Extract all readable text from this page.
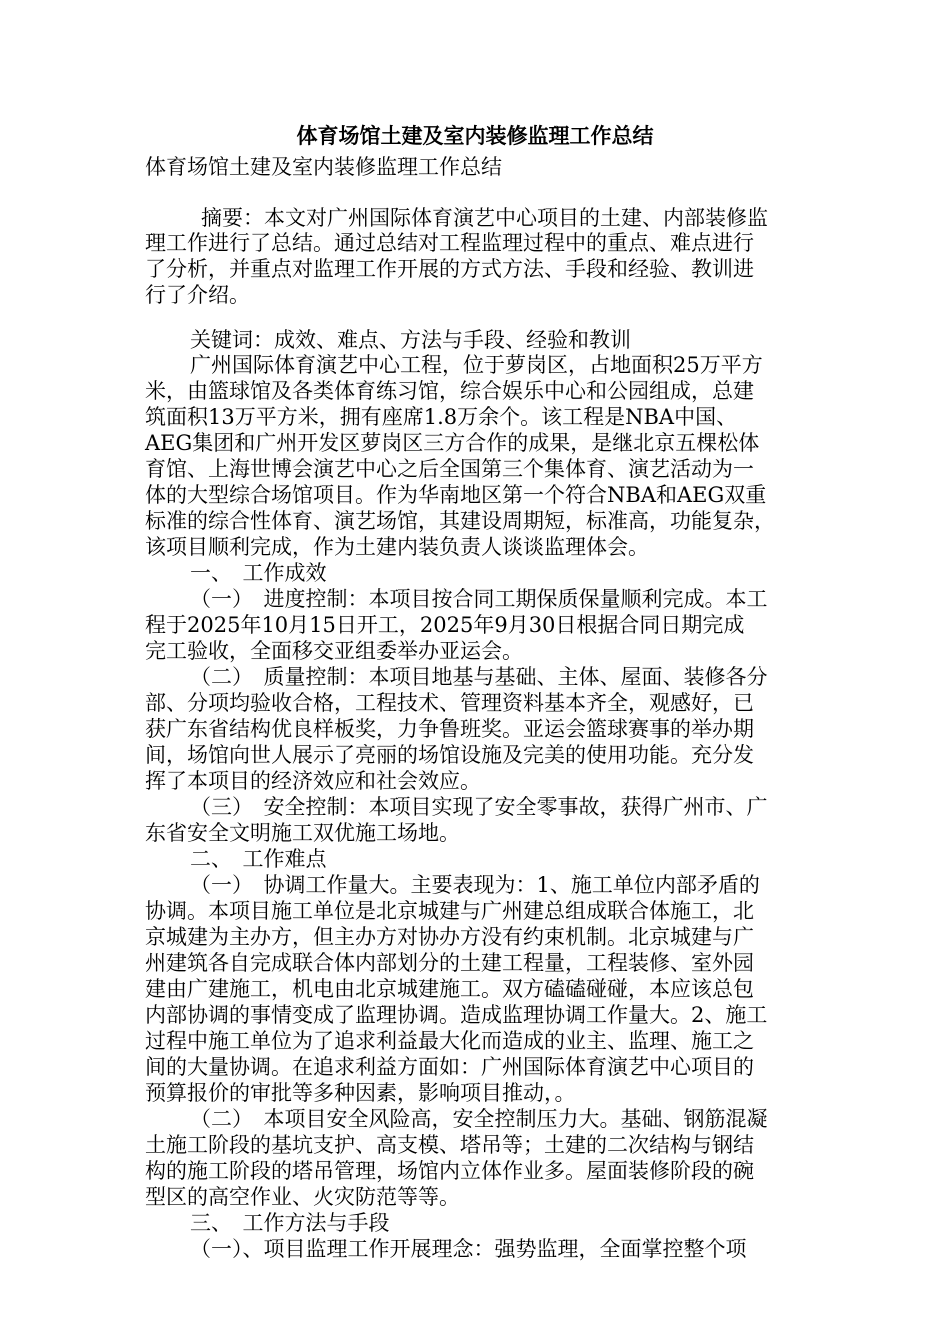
体育场馆土建及室内装修监理工作总结
体育场馆土建及室内装修监理工作总结
摘要：本文对广州国际体育演艺中心项目的土建、内部装修监
理工作进行了总结。通过总结对工程监理过程中的重点、难点进行
了分析，并重点对监理工作开展的方式方法、手段和经验、教训进
行了介绍。
关键词：成效、难点、方法与手段、经验和教训
广州国际体育演艺中心工程，位于萝岗区，占地面积25万平方
米，由篮球馆及各类体育练习馆，综合娱乐中心和公园组成，总建
筑面积13万平方米，拥有座席1.8万余个。该工程是NBA中国、
AEG集团和广州开发区萝岗区三方合作的成果，是继北京五棵松体
育馆、上海世博会演艺中心之后全国第三个集体育、演艺活动为一
体的大型综合场馆项目。作为华南地区第一个符合NBA和AEG双重
标准的综合性体育、演艺场馆，其建设周期短，标准高，功能复杂，
该项目顺利完成，作为土建内装负责人谈谈监理体会。
一、　工作成效
（一）　进度控制：本项目按合同工期保质保量顺利完成。本工
程于2025年10月15日开工，2025年9月30日根据合同日期完成
完工验收，全面移交亚组委举办亚运会。
（二）　质量控制：本项目地基与基础、主体、屋面、装修各分
部、分项均验收合格，工程技术、管理资料基本齐全，观感好，已
获广东省结构优良样板奖，力争鲁班奖。亚运会篮球赛事的举办期
间，场馆向世人展示了亮丽的场馆设施及完美的使用功能。充分发
挥了本项目的经济效应和社会效应。
（三）　安全控制：本项目实现了安全零事故，获得广州市、广
东省安全文明施工双优施工场地。
二、　工作难点
（一）　协调工作量大。主要表现为：1、施工单位内部矛盾的
协调。本项目施工单位是北京城建与广州建总组成联合体施工，北
京城建为主办方，但主办方对协办方没有约束机制。北京城建与广
州建筑各自完成联合体内部划分的土建工程量，工程装修、室外园
建由广建施工，机电由北京城建施工。双方磕磕碰碰，本应该总包
内部协调的事情变成了监理协调。造成监理协调工作量大。2、施工
过程中施工单位为了追求利益最大化而造成的业主、监理、施工之
间的大量协调。在追求利益方面如：广州国际体育演艺中心项目的
预算报价的审批等多种因素，影响项目推动，。
（二）　本项目安全风险高，安全控制压力大。基础、钢筋混凝
土施工阶段的基坑支护、高支模、塔吊等；土建的二次结构与钢结
构的施工阶段的塔吊管理，场馆内立体作业多。屋面装修阶段的碗
型区的高空作业、火灾防范等等。
三、　工作方法与手段
（一）、项目监理工作开展理念：强势监理，全面掌控整个项
